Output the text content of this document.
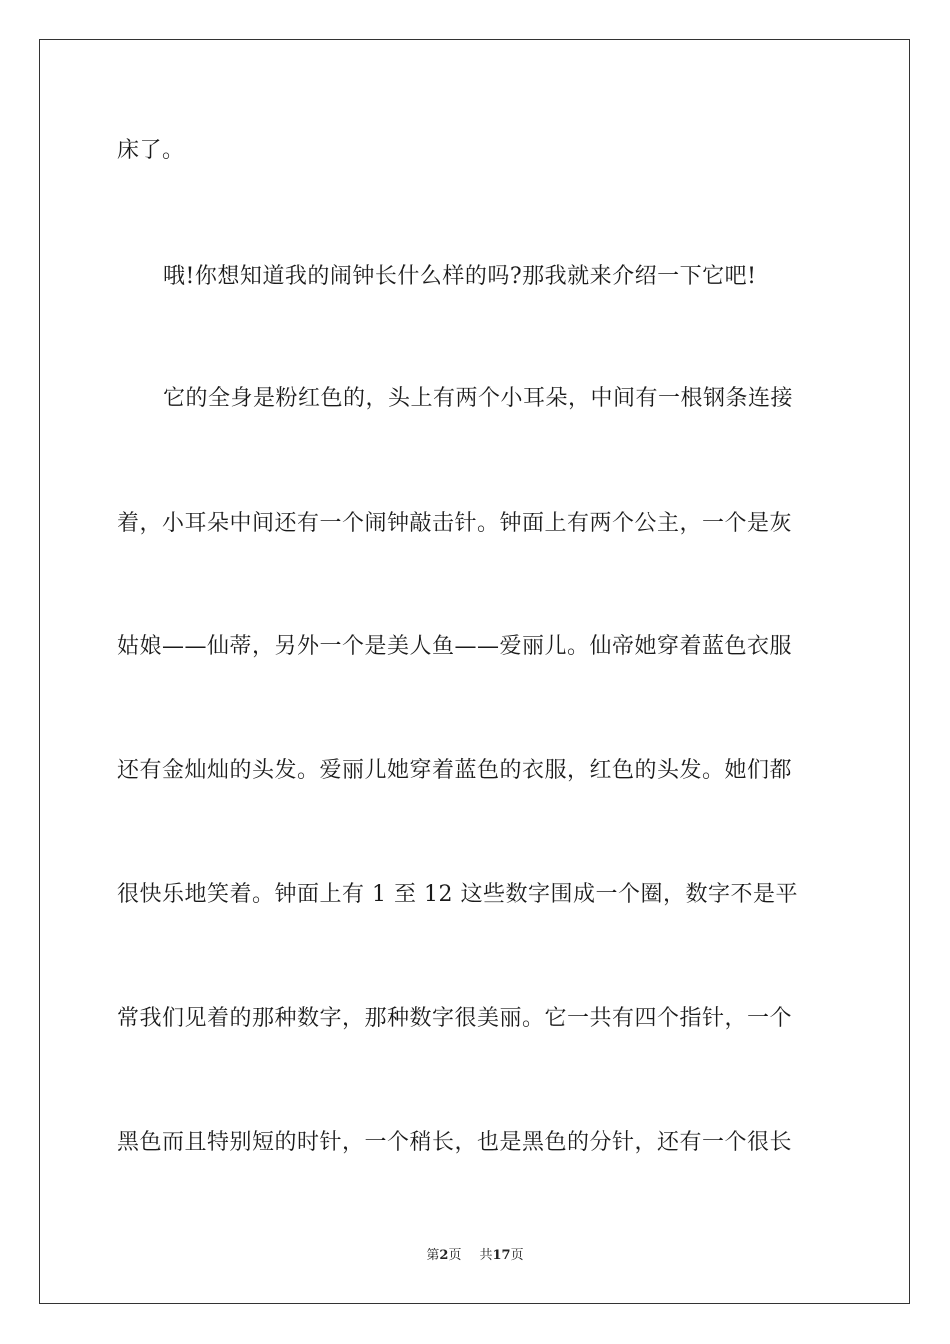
床了。
哦!你想知道我的闹钟长什么样的吗?那我就来介绍一下它吧!
它的全身是粉红色的，头上有两个小耳朵，中间有一根钢条连接
着，小耳朵中间还有一个闹钟敲击针。钟面上有两个公主，一个是灰
姑娘——仙蒂，另外一个是美人鱼——爱丽儿。仙帝她穿着蓝色衣服
还有金灿灿的头发。爱丽儿她穿着蓝色的衣服，红色的头发。她们都
很快乐地笑着。钟面上有 1 至 12 这些数字围成一个圈，数字不是平
常我们见着的那种数字，那种数字很美丽。它一共有四个指针，一个
黑色而且特别短的时针，一个稍长，也是黑色的分针，还有一个很长
第2页 共17页
